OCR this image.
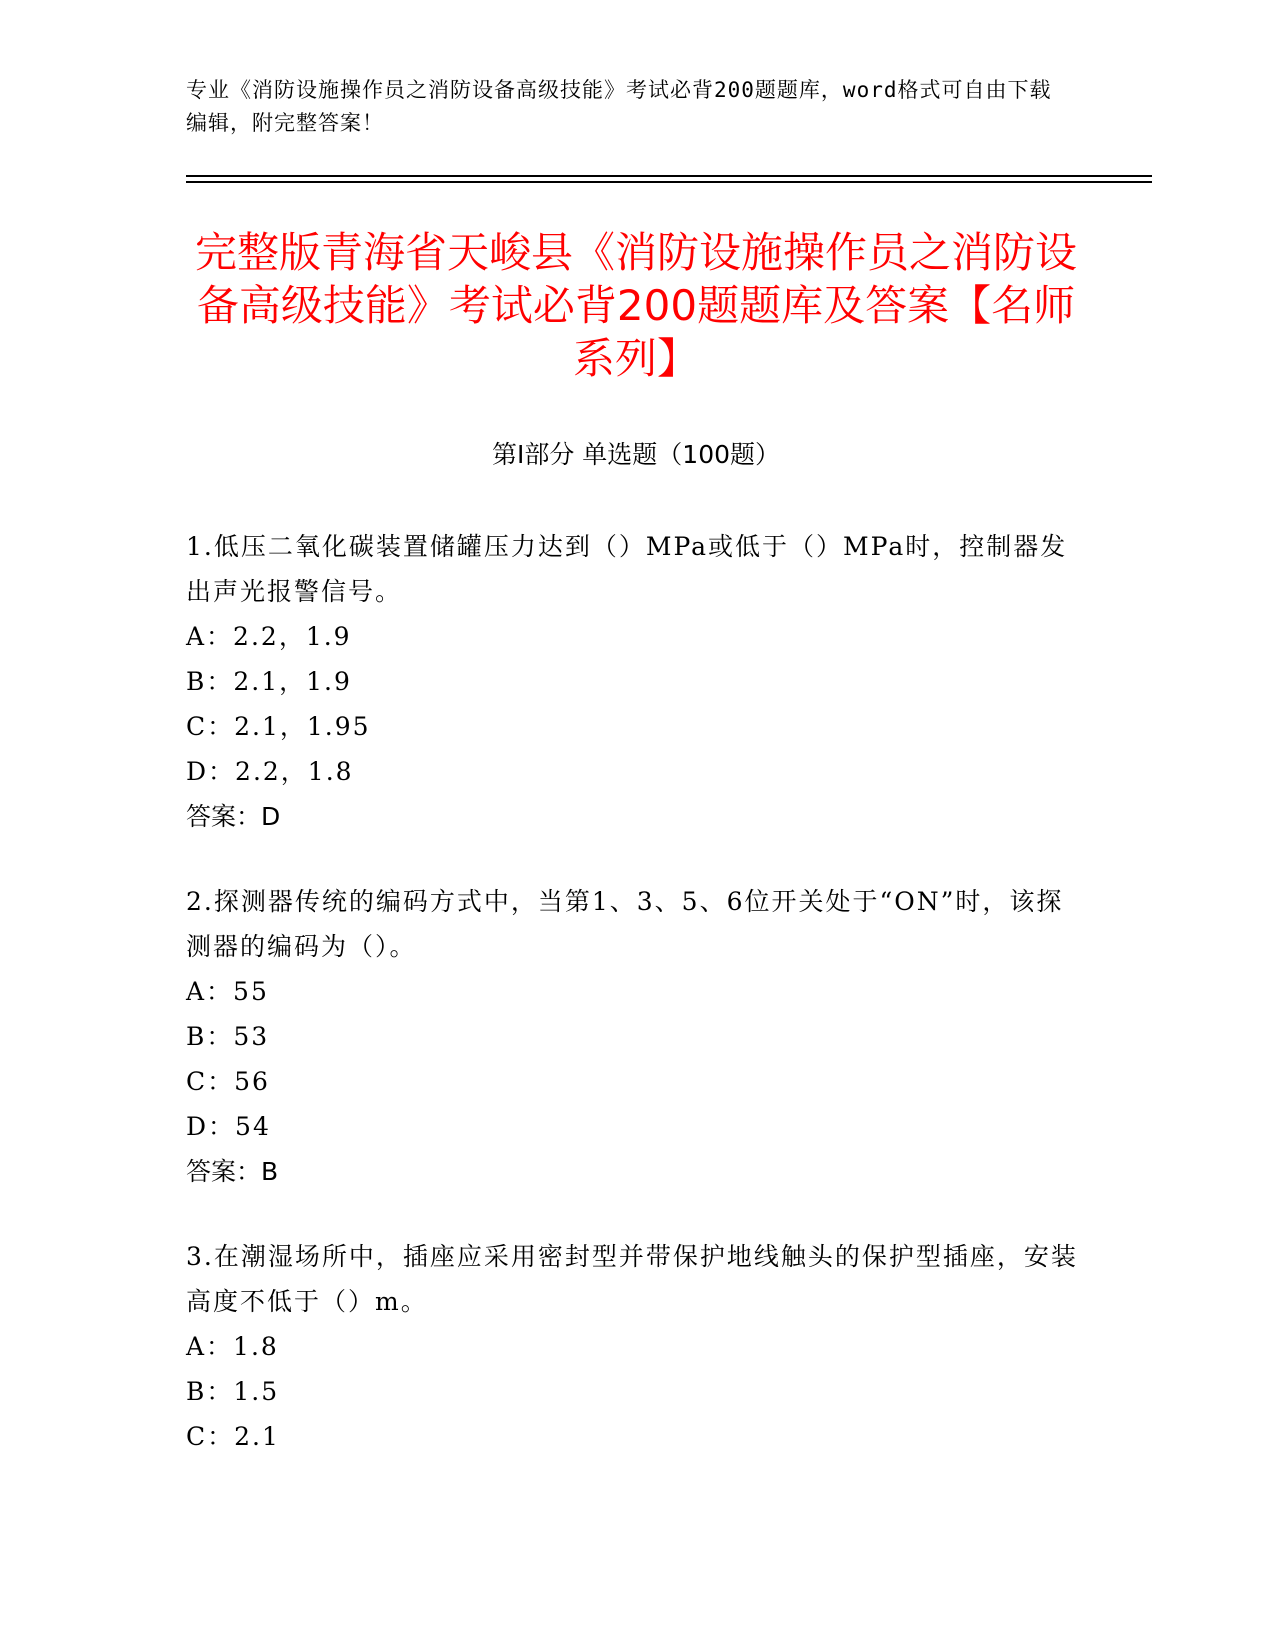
专业《消防设施操作员之消防设备高级技能》考试必背200题题库，word格式可自由下载编辑，附完整答案！
完整版青海省天峻县《消防设施操作员之消防设备高级技能》考试必背200题题库及答案【名师系列】
第I部分 单选题（100题）
1.低压二氧化碳装置储罐压力达到（）MPa或低于（）MPa时，控制器发出声光报警信号。
A：2.2，1.9
B：2.1，1.9
C：2.1，1.95
D：2.2，1.8
答案：D
2.探测器传统的编码方式中，当第1、3、5、6位开关处于“ON”时，该探测器的编码为（）。
A：55
B：53
C：56
D：54
答案：B
3.在潮湿场所中，插座应采用密封型并带保护地线触头的保护型插座，安装高度不低于（）m。
A：1.8
B：1.5
C：2.1
